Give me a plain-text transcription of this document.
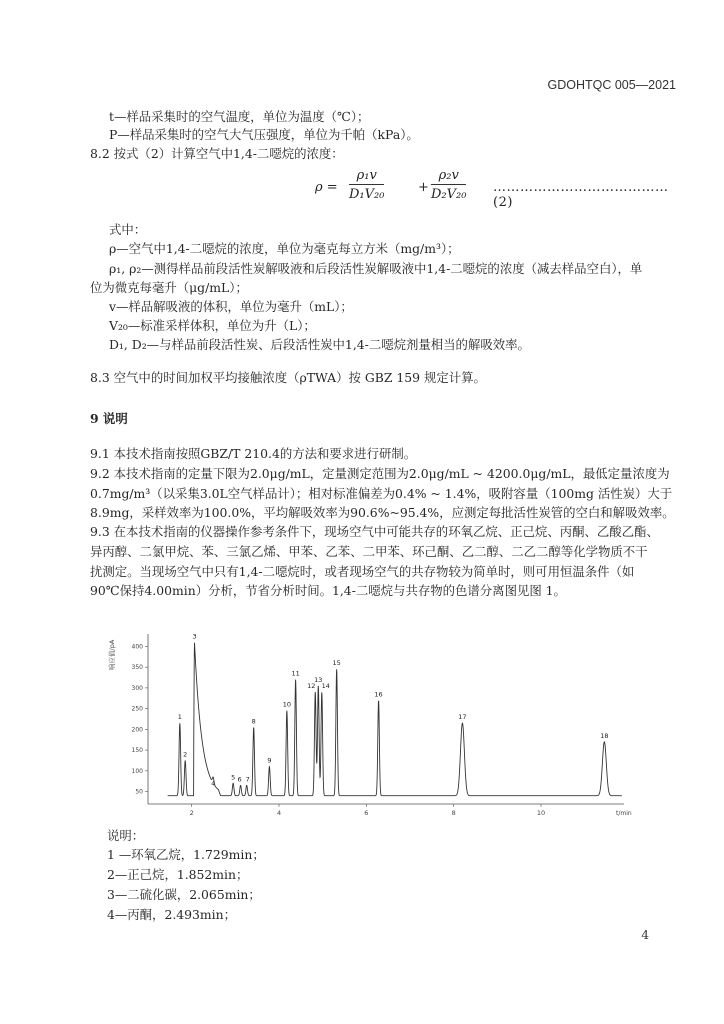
GDOHTQC 005—2021
t—样品采集时的空气温度，单位为温度（℃）；
P—样品采集时的空气大气压强度，单位为千帕（kPa）。
8.2 按式（2）计算空气中1,4-二噁烷的浓度：
$\rho = \frac{\text{ρ₁v}}{\text{D₁V₂₀}}$	+ $\frac{\text{ρ₂v}}{\text{D₂V₂₀}}$ ………………………………… (2)
式中：
ρ—空气中1,4-二噁烷的浓度，单位为毫克每立方米（mg/m³）；
ρ₁, ρ₂—测得样品前段活性炭解吸液和后段活性炭解吸液中1,4-二噁烷的浓度（减去样品空白），单
位为微克每毫升（μg/mL）；
v—样品解吸液的体积，单位为毫升（mL）；
V₂₀—标准采样体积，单位为升（L）；
D₁, D₂—与样品前段活性炭、后段活性炭中1,4-二噁烷剂量相当的解吸效率。
8.3 空气中的时间加权平均接触浓度（ρTWA）按 GBZ 159 规定计算。
9 说明
9.1 本技术指南按照GBZ/T 210.4的方法和要求进行研制。
9.2 本技术指南的定量下限为2.0μg/mL，定量测定范围为2.0μg/mL ~ 4200.0μg/mL，最低定量浓度为
0.7mg/m³（以采集3.0L空气样品计）；相对标准偏差为0.4% ~ 1.4%，吸附容量（100mg 活性炭）大于
8.9mg，采样效率为100.0%，平均解吸效率为90.6%~95.4%，应测定每批活性炭管的空白和解吸效率。
9.3 在本技术指南的仪器操作参考条件下，现场空气中可能共存的环氧乙烷、正己烷、丙酮、乙酸乙酯、
异丙醇、二氯甲烷、苯、三氯乙烯、甲苯、乙苯、二甲苯、环己酮、乙二醇、二乙二醇等化学物质不干
扰测定。当现场空气中只有1,4-二噁烷时，或者现场空气的共存物较为简单时，则可用恒温条件（如
90℃保持4.00min）分析，节省分析时间。1,4-二噁烷与共存物的色谱分离图见图 1。
50
100
150
200
250
300
350
400
2	4	6	8	10
响应值/pA
t/min
1
2
3
4
5 6 7
8
9
10
11
12
13
14
15
16
17
18
说明：
1 —环氧乙烷，1.729min；
2—正己烷，1.852min；
3—二硫化碳，2.065min；
4—丙酮，2.493min；
4
